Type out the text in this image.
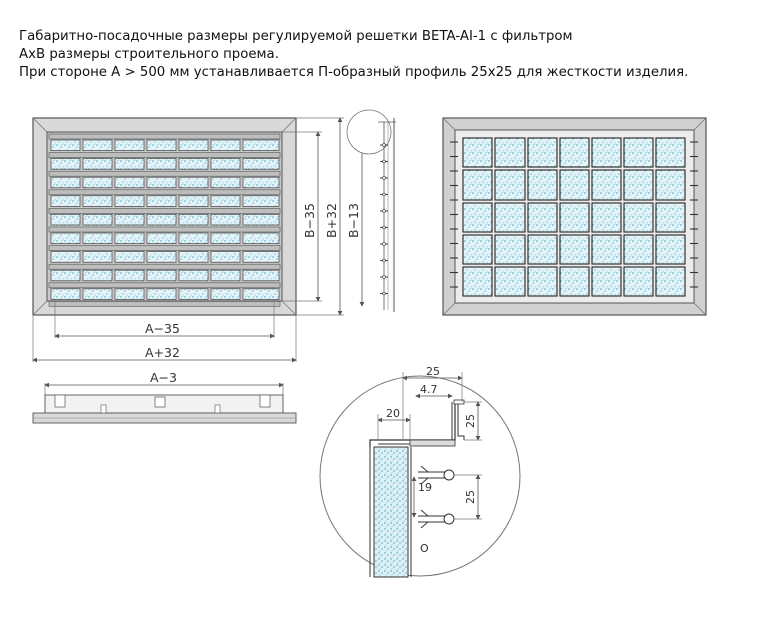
Габаритно-посадочные размеры регулируемой решетки BETA-AI-1 с фильтром
AxB размеры строительного проема.
При стороне A > 500 мм устанавливается П-образный профиль 25x25 для жесткости изделия.
A−35
A+32
B−35 B+32 B−13
A−3
O
25
4.7
20
25
19
25
